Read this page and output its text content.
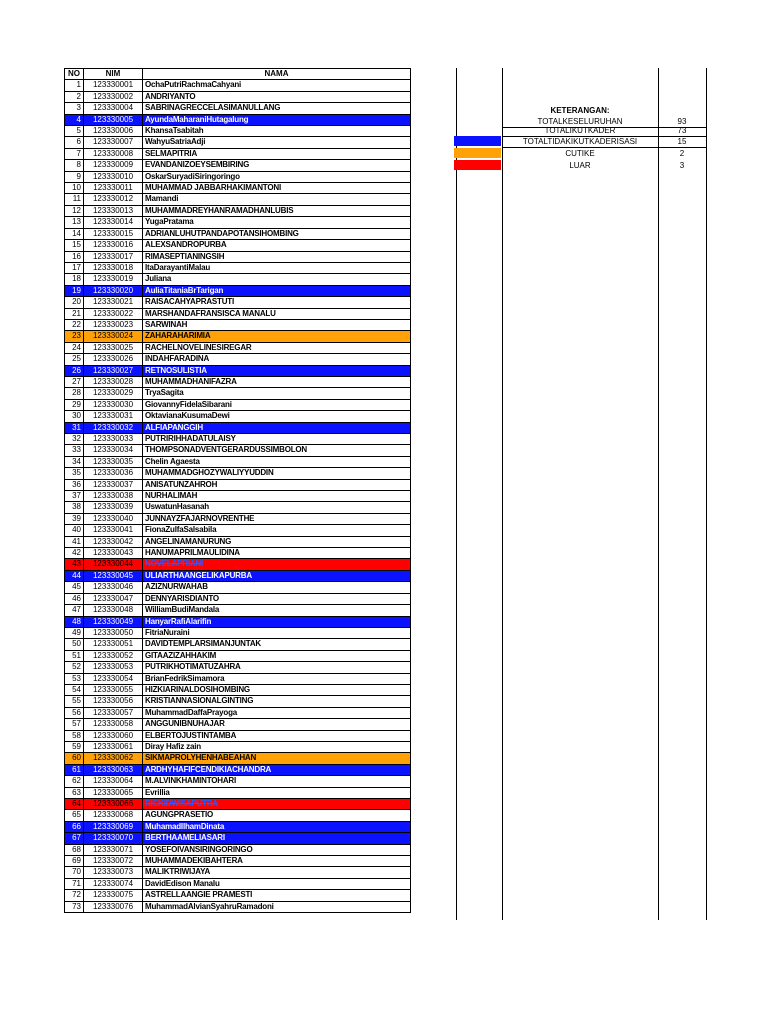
NO	NIM	NAMA
1	123330001	OchaPutriRachmaCahyani
2	123330002	ANDRIYANTO
3	123330004	SABRINAGRECCELASIMANULLANG
4	123330005	AyundaMaharaniHutagalung
5	123330006	KhansaTsabitah
6	123330007	WahyuSatriaAdji
7	123330008	SELMAPITRIA
8	123330009	EVANDANIZOEYSEMBIRING
9	123330010	OskarSuryadiSiringoringo
10	123330011	MUHAMMAD JABBARHAKIMANTONI
11	123330012	Mamandi
12	123330013	MUHAMMADREYHANRAMADHANLUBIS
13	123330014	YugaPratama
14	123330015	ADRIANLUHUTPANDAPOTANSIHOMBING
15	123330016	ALEXSANDROPURBA
16	123330017	RIMASEPTIANINGSIH
17	123330018	ItaDarayantiMalau
18	123330019	Juliana
19	123330020	AuliaTitaniaBrTarigan
20	123330021	RAISACAHYAPRASTUTI
21	123330022	MARSHANDAFRANSISCA MANALU
22	123330023	SARWINAH
23	123330024	ZAHARAHARIMIA
24	123330025	RACHELNOVELINESIREGAR
25	123330026	INDAHFARADINA
26	123330027	RETNOSULISTIA
27	123330028	MUHAMMADHANIFAZRA
28	123330029	TryaSagita
29	123330030	GiovannyFidelaSibarani
30	123330031	OktavianaKusumaDewi
31	123330032	ALFIAPANGGIH
32	123330033	PUTRIRIHHADATULAISY
33	123330034	THOMPSONADVENTGERARDUSSIMBOLON
34	123330035	Chelin Agaesta
35	123330036	MUHAMMADGHOZYWALIYYUDDIN
36	123330037	ANISATUNZAHROH
37	123330038	NURHALIMAH
38	123330039	UswatunHasanah
39	123330040	JUNNAYZFAJARNOVRENTHE
40	123330041	FionaZulfaSalsabila
41	123330042	ANGELINAMANURUNG
42	123330043	HANUMAPRILMAULIDINA
43	123330044	NOVELAPRIANI
44	123330045	ULIARTHAANGELIKAPURBA
45	123330046	AZIZNURWAHAB
46	123330047	DENNYARISDIANTO
47	123330048	WilliamBudiMandala
48	123330049	HanyarRafiAlarifin
49	123330050	FitriaNuraini
50	123330051	DAVIDTEMPLARSIMANJUNTAK
51	123330052	GITAAZIZAHHAKIM
52	123330053	PUTRIKHOTIMATUZAHRA
53	123330054	BrianFedrikSimamora
54	123330055	HIZKIARINALDOSIHOMBING
55	123330056	KRISTIANNASIONALGINTING
56	123330057	MuhammadDaffaPrayoga
57	123330058	ANGGUNIBNUHAJAR
58	123330060	ELBERTOJUSTINTAMBA
59	123330061	Diray Hafiz zain
60	123330062	SIKMAPROLYHENHABEAHAN
61	123330063	ARDHYHAFIFCENDIKIACHANDRA
62	123330064	M.ALVINKHAMINTOHARI
63	123330065	Evrillia
64	123330066	RICKIDWISAPUTRA
65	123330068	AGUNGPRASETIO
66	123330069	MuhamadIlhamDinata
67	123330070	BERTHAAMELIASARI
68	123330071	YOSEFOIVANSIRINGORINGO
69	123330072	MUHAMMADEKIBAHTERA
70	123330073	MALIKTRIWIJAYA
71	123330074	DavidEdison Manalu
72	123330075	ASTRELLAANGIE PRAMESTI
73	123330076	MuhammadAlvianSyahruRamadoni
KETERANGAN:
TOTALKESELURUHAN	93
TOTALIKUTKADER	73
TOTALTIDAKIKUTKADERISASI	15
CUTIKE	2
LUAR	3
